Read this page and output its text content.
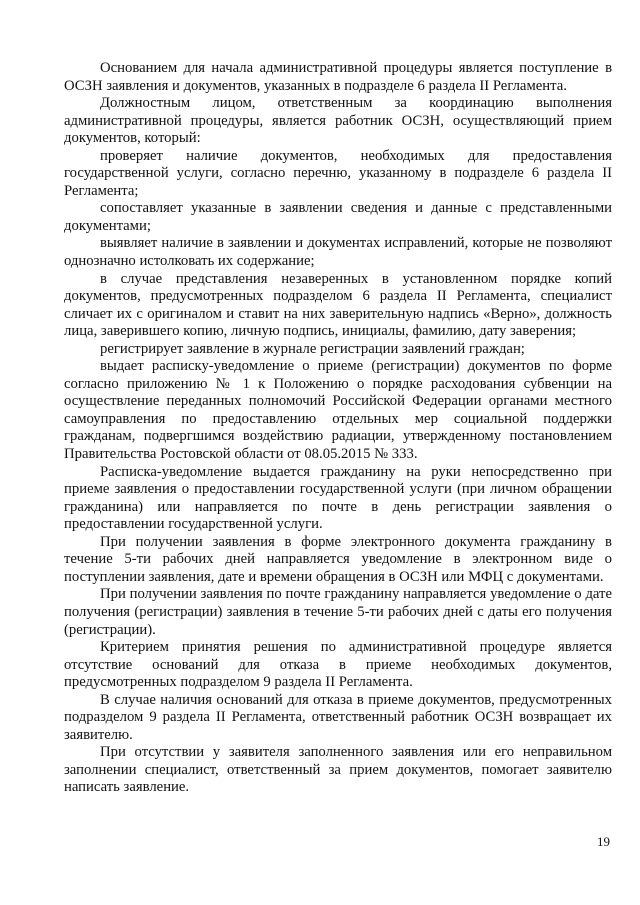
Основанием для начала административной процедуры является поступление в ОСЗН заявления и документов, указанных в подразделе 6 раздела II Регламента.

Должностным лицом, ответственным за координацию выполнения административной процедуры, является работник ОСЗН, осуществляющий прием документов, который:

проверяет наличие документов, необходимых для предоставления государственной услуги, согласно перечню, указанному в подразделе 6 раздела II Регламента;

сопоставляет указанные в заявлении сведения и данные с представленными документами;

выявляет наличие в заявлении и документах исправлений, которые не позволяют однозначно истолковать их содержание;

в случае представления незаверенных в установленном порядке копий документов, предусмотренных подразделом 6 раздела II Регламента, специалист сличает их с оригиналом и ставит на них заверительную надпись «Верно», должность лица, заверившего копию, личную подпись, инициалы, фамилию, дату заверения;

регистрирует заявление в журнале регистрации заявлений граждан;

выдает расписку-уведомление о приеме (регистрации) документов по форме согласно приложению № 1 к Положению о порядке расходования субвенции на осуществление переданных полномочий Российской Федерации органами местного самоуправления по предоставлению отдельных мер социальной поддержки гражданам, подвергшимся воздействию радиации, утвержденному постановлением Правительства Ростовской области от 08.05.2015 № 333.

Расписка-уведомление выдается гражданину на руки непосредственно при приеме заявления о предоставлении государственной услуги (при личном обращении гражданина) или направляется по почте в день регистрации заявления о предоставлении государственной услуги.

При получении заявления в форме электронного документа гражданину в течение 5-ти рабочих дней направляется уведомление в электронном виде о поступлении заявления, дате и времени обращения в ОСЗН или МФЦ с документами.

При получении заявления по почте гражданину направляется уведомление о дате получения (регистрации) заявления в течение 5-ти рабочих дней с даты его получения (регистрации).

Критерием принятия решения по административной процедуре является отсутствие оснований для отказа в приеме необходимых документов, предусмотренных подразделом 9 раздела II Регламента.

В случае наличия оснований для отказа в приеме документов, предусмотренных подразделом 9 раздела II Регламента, ответственный работник ОСЗН возвращает их заявителю.

При отсутствии у заявителя заполненного заявления или его неправильном заполнении специалист, ответственный за прием документов, помогает заявителю написать заявление.

19
